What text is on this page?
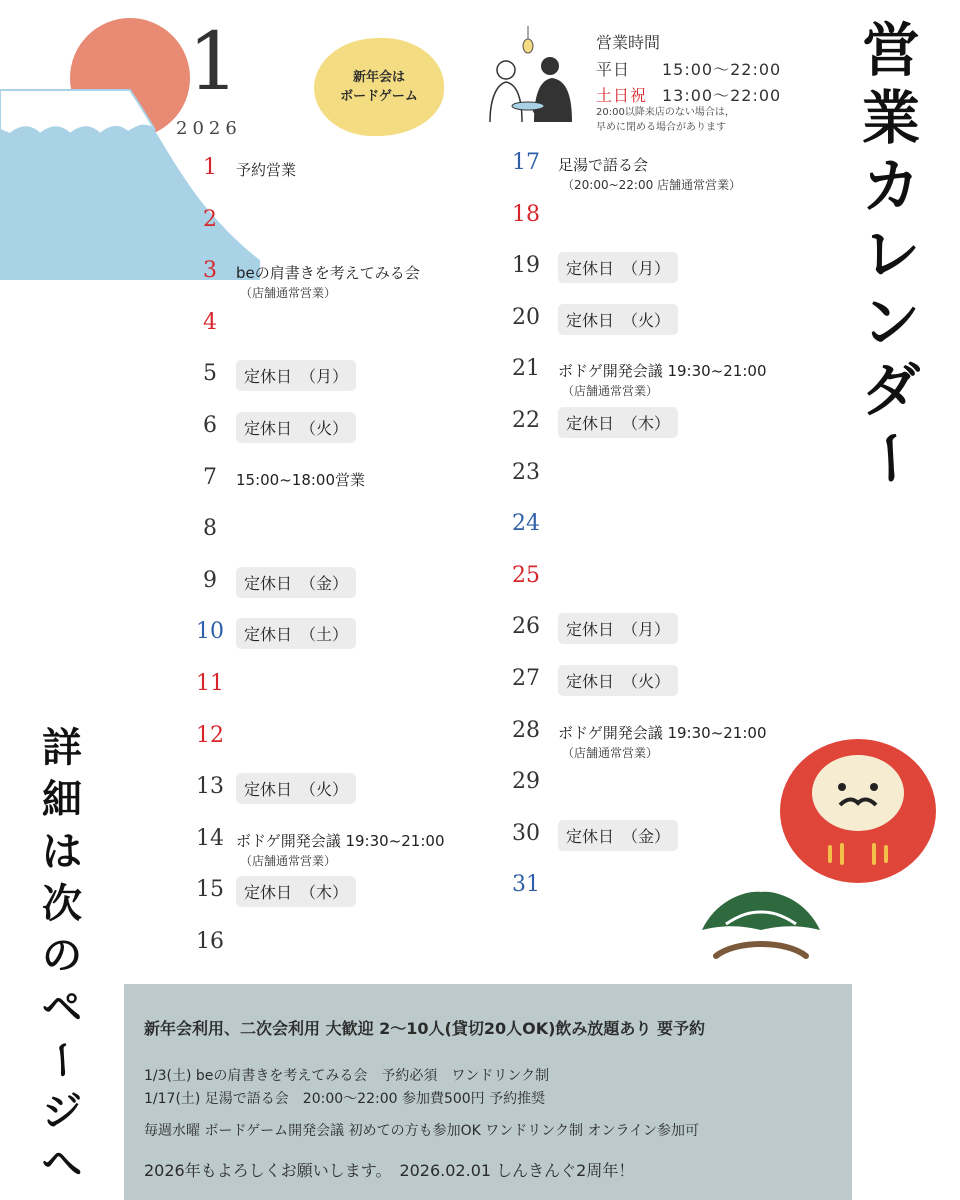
1
2026
新年会は
ボードゲーム
営業時間
平日 15:00〜22:00
土日祝 13:00〜22:00
20:00以降来店のない場合は，
早めに閉める場合があります
営
業
カ
レ
ン
ダ
ー
詳
細
は
次
の
ペ
ー
ジ
へ
1	予約営業
2
3	beの肩書きを考えてみる会
（店舗通常営業）
4
5	定休日　（月）
6	定休日　（火）
7	15:00~18:00営業
8
9	定休日　（金）
10	定休日　（土）
11
12
13	定休日　（火）
14 ボドゲ開発会議 19:30~21:00
（店舗通常営業）
15	定休日　（木）
16
17	足湯で語る会
（20:00~22:00 店舗通常営業）
18
19	定休日　（月）
20	定休日　（火）
21	ボドゲ開発会議 19:30~21:00
（店舗通常営業）
22	定休日　（木）
23
24
25
26	定休日　（月）
27	定休日　（火）
28	ボドゲ開発会議 19:30~21:00
（店舗通常営業）
29
30	定休日　（金）
31
新年会利用、二次会利用 大歓迎 2～10人(貸切20人OK)飲み放題あり 要予約
1/3(土) beの肩書きを考えてみる会　予約必須　ワンドリンク制
1/17(土) 足湯で語る会　20:00～22:00 参加費500円 予約推奨
毎週水曜 ボードゲーム開発会議 初めての方も参加OK ワンドリンク制 オンライン参加可
2026年もよろしくお願いします。　2026.02.01 しんきんぐ2周年！
